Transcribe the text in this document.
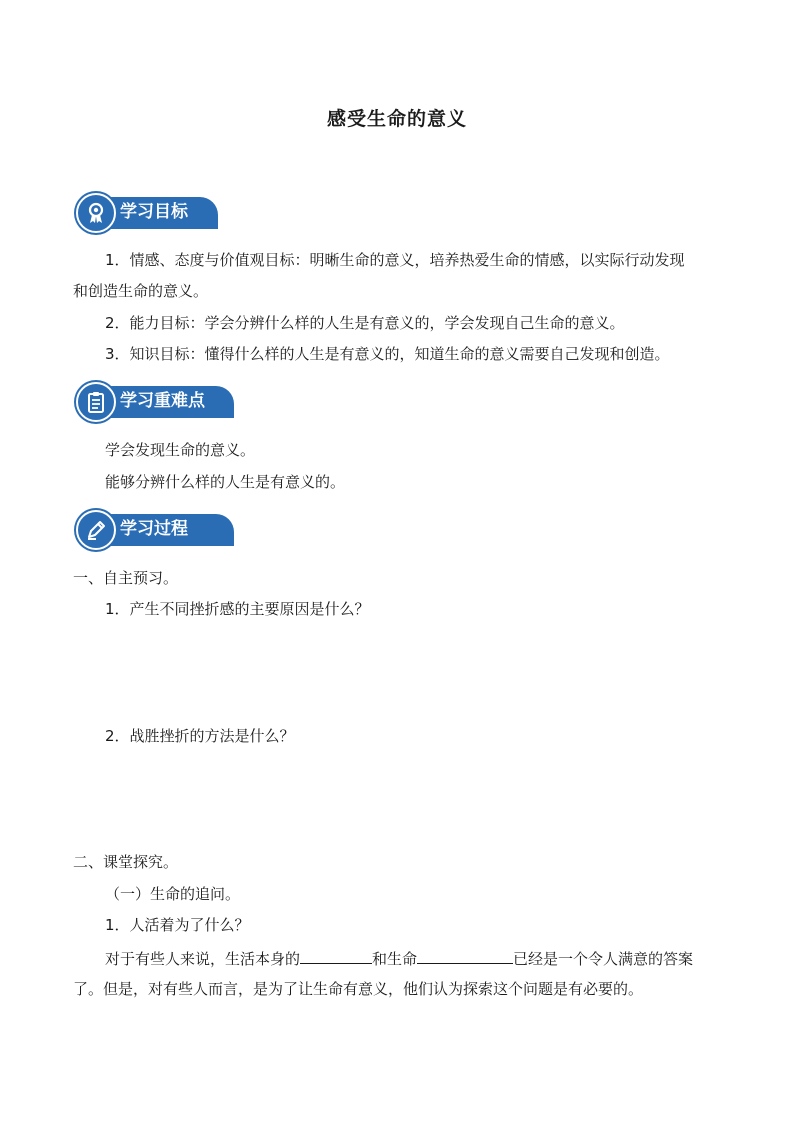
感受生命的意义
学习目标
1．情感、态度与价值观目标：明晰生命的意义，培养热爱生命的情感，以实际行动发现
和创造生命的意义。
2．能力目标：学会分辨什么样的人生是有意义的，学会发现自己生命的意义。
3．知识目标：懂得什么样的人生是有意义的，知道生命的意义需要自己发现和创造。
学习重难点
学会发现生命的意义。
能够分辨什么样的人生是有意义的。
学习过程
一、自主预习。
1．产生不同挫折感的主要原因是什么？
2．战胜挫折的方法是什么？
二、课堂探究。
（一）生命的追问。
1．人活着为了什么？
对于有些人来说，生活本身的	和生命	已经是一个令人满意的答案
了。但是，对有些人而言，是为了让生命有意义，他们认为探索这个问题是有必要的。
